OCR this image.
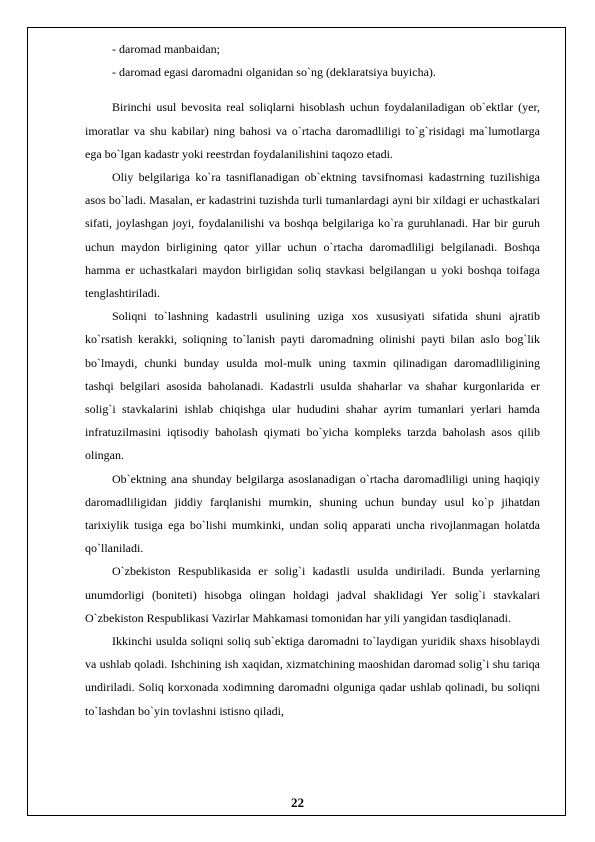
- daromad manbaidan;

- daromad egasi daromadni olganidan so`ng (deklaratsiya buyicha).

Birinchi usul bevosita real soliqlarni hisoblash uchun foydalaniladigan ob`ektlar (yer, imoratlar va shu kabilar) ning bahosi va o`rtacha daromadliligi to`g`risidagi ma`lumotlarga ega bo`lgan kadastr yoki reestrdan foydalanilishini taqozo etadi.

Oliy belgilariga ko`ra tasniflanadigan ob`ektning tavsifnomasi kadastrning tuzilishiga asos bo`ladi. Masalan, er kadastrini tuzishda turli tumanlardagi ayni bir xildagi er uchastkalari sifati, joylashgan joyi, foydalanilishi va boshqa belgilariga ko`ra guruhlanadi. Har bir guruh uchun maydon birligining qator yillar uchun o`rtacha daromadliligi belgilanadi. Boshqa hamma er uchastkalari maydon birligidan soliq stavkasi belgilangan u yoki boshqa toifaga tenglashtiriladi.

Soliqni to`lashning kadastrli usulining uziga xos xususiyati sifatida shuni ajratib ko`rsatish kerakki, soliqning to`lanish payti daromadning olinishi payti bilan aslo bog`lik bo`lmaydi, chunki bunday usulda mol-mulk uning taxmin qilinadigan daromadliligining tashqi belgilari asosida baholanadi. Kadastrli usulda shaharlar va shahar kurgonlarida er solig`i stavkalarini ishlab chiqishga ular hududini shahar ayrim tumanlari yerlari hamda infratuzilmasini iqtisodiy baholash qiymati bo`yicha kompleks tarzda baholash asos qilib olingan.

Ob`ektning ana shunday belgilarga asoslanadigan o`rtacha daromadliligi uning haqiqiy daromadliligidan jiddiy farqlanishi mumkin, shuning uchun bunday usul ko`p jihatdan tarixiylik tusiga ega bo`lishi mumkinki, undan soliq apparati uncha rivojlanmagan holatda qo`llaniladi.

O`zbekiston Respublikasida er solig`i kadastli usulda undiriladi. Bunda yerlarning unumdorligi (boniteti) hisobga olingan holdagi jadval shaklidagi Yer solig`i stavkalari O`zbekiston Respublikasi Vazirlar Mahkamasi tomonidan har yili yangidan tasdiqlanadi.

Ikkinchi usulda soliqni soliq sub`ektiga daromadni to`laydigan yuridik shaxs hisoblaydi va ushlab qoladi. Ishchining ish xaqidan, xizmatchining maoshidan daromad solig`i shu tariqa undiriladi. Soliq korxonada xodimning daromadni olguniga qadar ushlab qolinadi, bu soliqni to`lashdan bo`yin tovlashni istisno qiladi,

22
